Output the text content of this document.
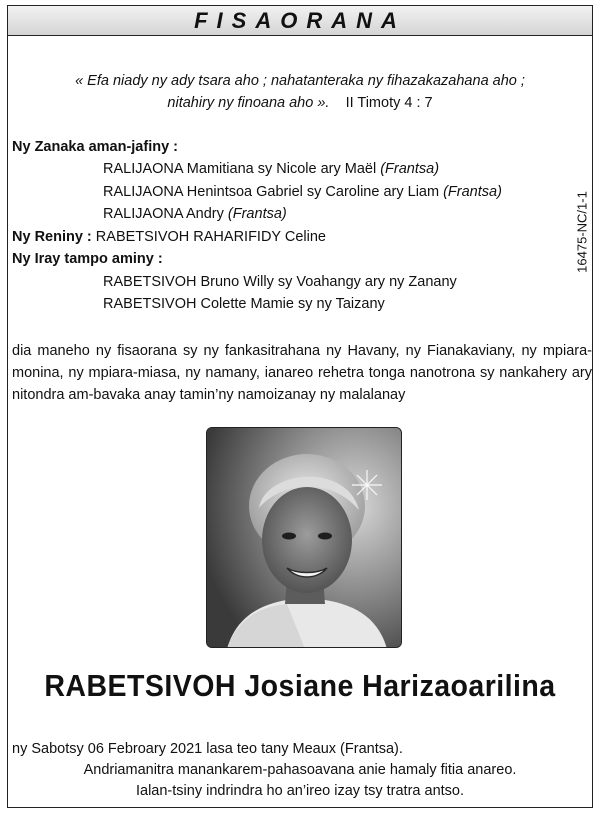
FISAORANA
« Efa niady ny ady tsara aho ; nahatanteraka ny fihazakazahana aho ;
nitahiry ny finoana aho ». II Timoty 4 : 7
Ny Zanaka aman-jafiny :
RALIJAONA Mamitiana sy Nicole ary Maël (Frantsa)
RALIJAONA Henintsoa Gabriel sy Caroline ary Liam (Frantsa)
RALIJAONA Andry (Frantsa)
Ny Reniny : RABETSIVOH RAHARIFIDY Celine
Ny Iray tampo aminy :
RABETSIVOH Bruno Willy sy Voahangy ary ny Zanany
RABETSIVOH Colette Mamie sy ny Taizany
16475-NC/1-1
dia maneho ny fisaorana sy ny fankasitrahana ny Havany, ny Fianakaviany, ny mpiara-monina, ny mpiara-miasa, ny namany, ianareo rehetra tonga nanotrona sy nankahery ary nitondra am-bavaka anay tamin’ny namoizanay ny malalanay
RABETSIVOH Josiane Harizaoarilina
ny Sabotsy 06 Febroary 2021 lasa teo tany Meaux (Frantsa).
Andriamanitra manankarem-pahasoavana anie hamaly fitia anareo.
Ialan-tsiny indrindra ho an’ireo izay tsy tratra antso.
